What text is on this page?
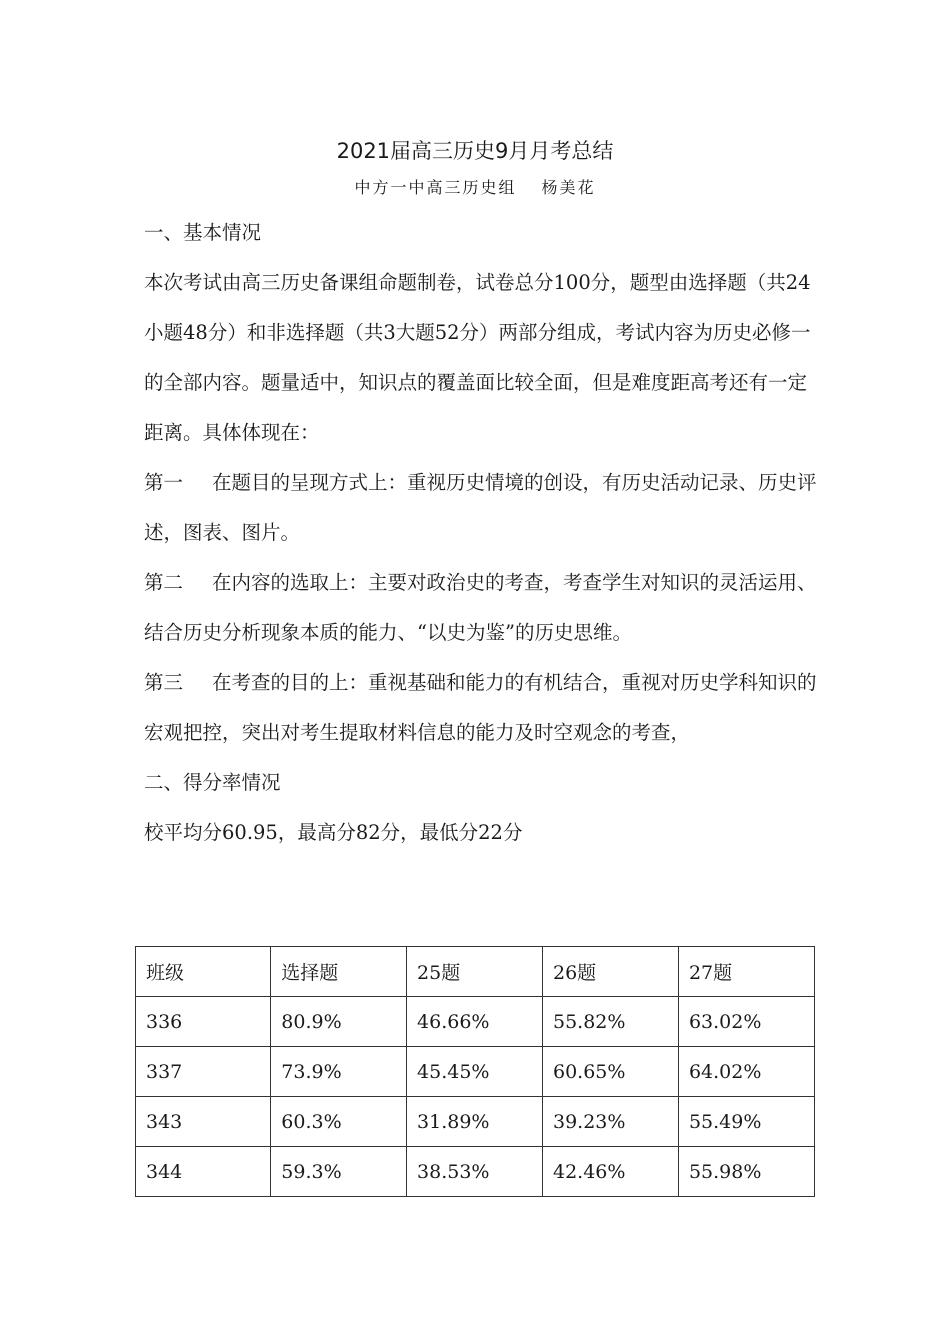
2021届高三历史9月月考总结
中方一中高三历史组 杨美花

一、基本情况

本次考试由高三历史备课组命题制卷，试卷总分100分，题型由选择题（共24小题48分）和非选择题（共3大题52分）两部分组成，考试内容为历史必修一的全部内容。题量适中，知识点的覆盖面比较全面，但是难度距高考还有一定距离。具体体现在：

第一 在题目的呈现方式上：重视历史情境的创设，有历史活动记录、历史评述，图表、图片。

第二 在内容的选取上：主要对政治史的考查，考查学生对知识的灵活运用、结合历史分析现象本质的能力、“以史为鉴”的历史思维。

第三 在考查的目的上：重视基础和能力的有机结合，重视对历史学科知识的宏观把控，突出对考生提取材料信息的能力及时空观念的考查，

二、得分率情况

校平均分60.95，最高分82分，最低分22分

班级	选择题	25题	26题	27题
336	80.9%	46.66%	55.82%	63.02%
337	73.9%	45.45%	60.65%	64.02%
343	60.3%	31.89%	39.23%	55.49%
344	59.3%	38.53%	42.46%	55.98%
